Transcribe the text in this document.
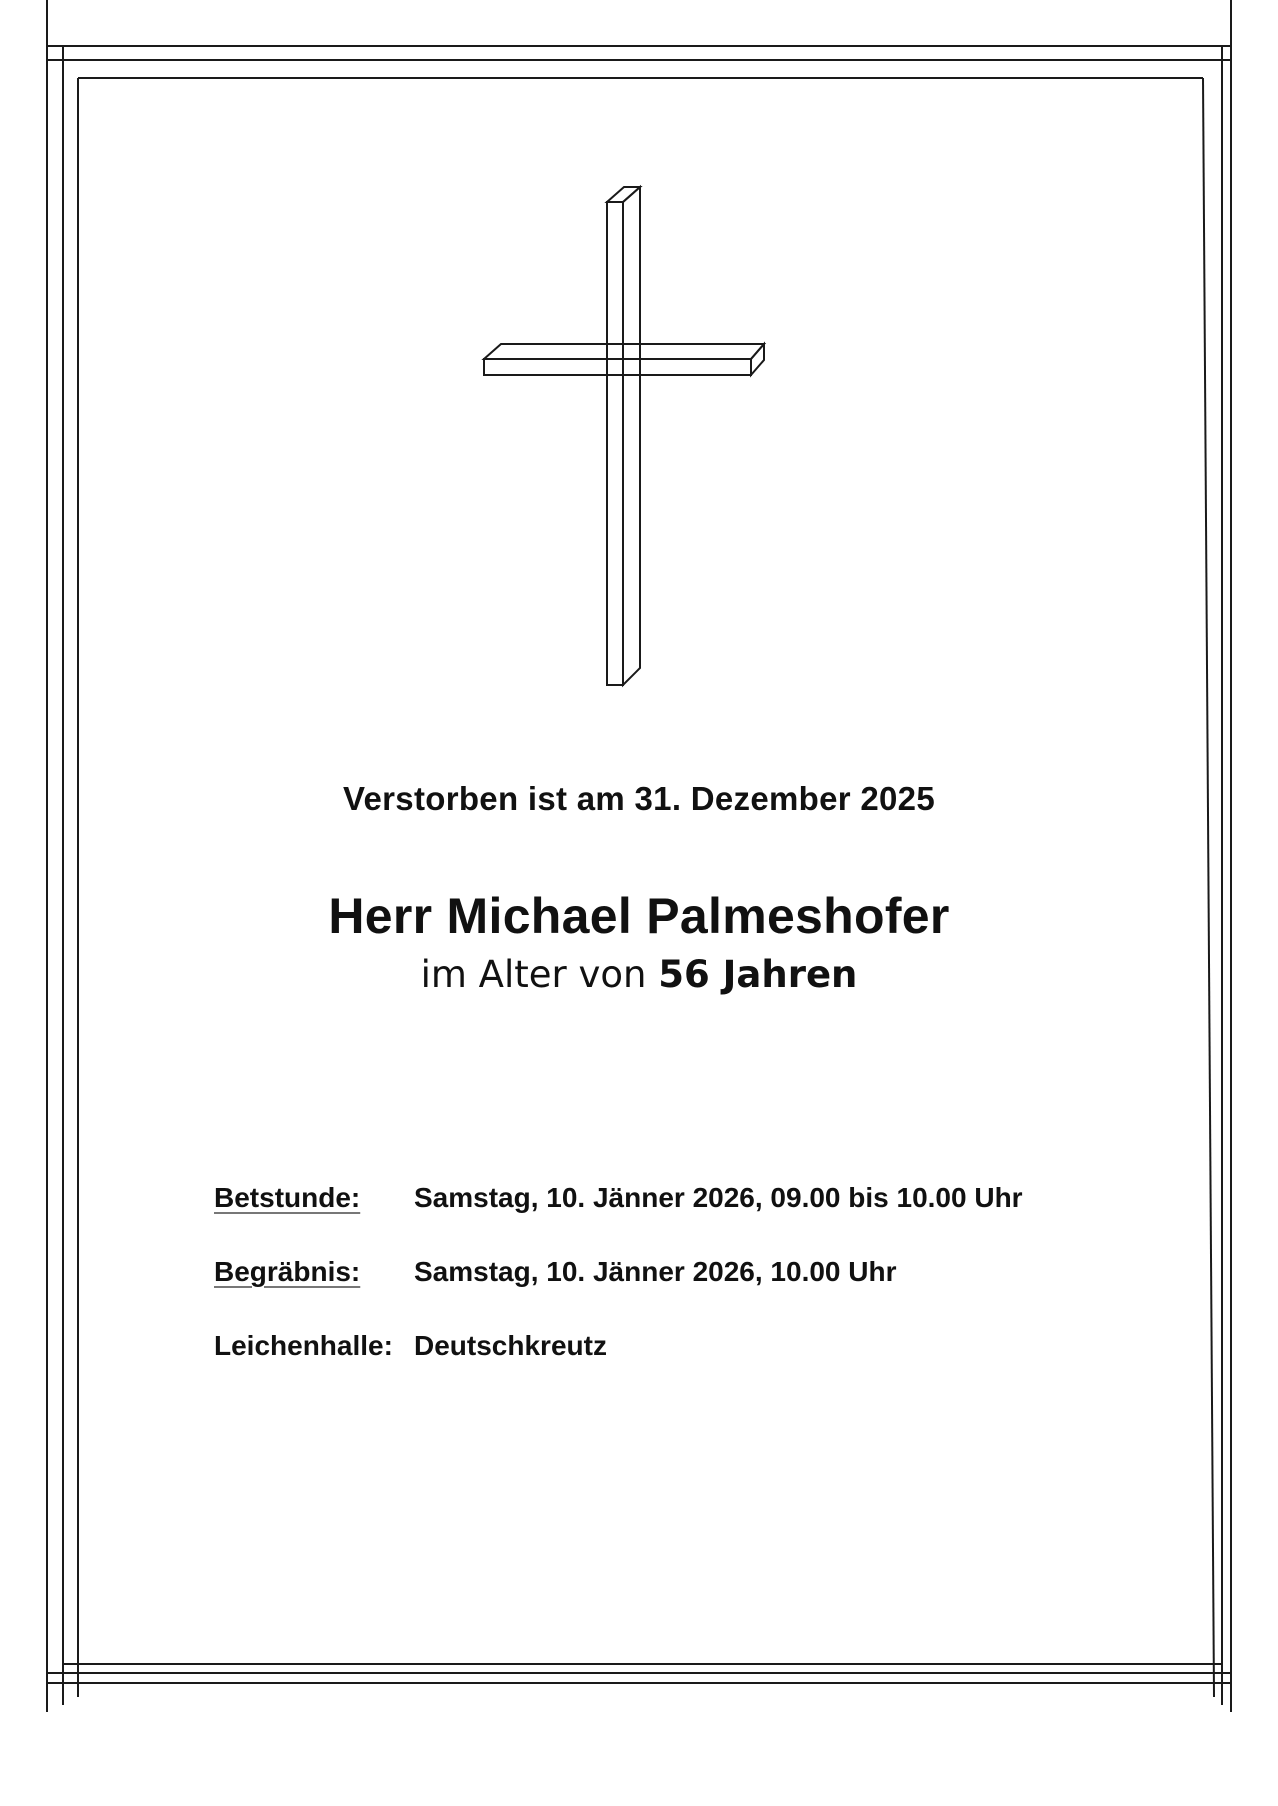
Verstorben ist am 31. Dezember 2025
Herr Michael Palmeshofer
im Alter von 56 Jahren
Betstunde: Samstag, 10. Jänner 2026, 09.00 bis 10.00 Uhr
Begräbnis: Samstag, 10. Jänner 2026, 10.00 Uhr
Leichenhalle: Deutschkreutz
